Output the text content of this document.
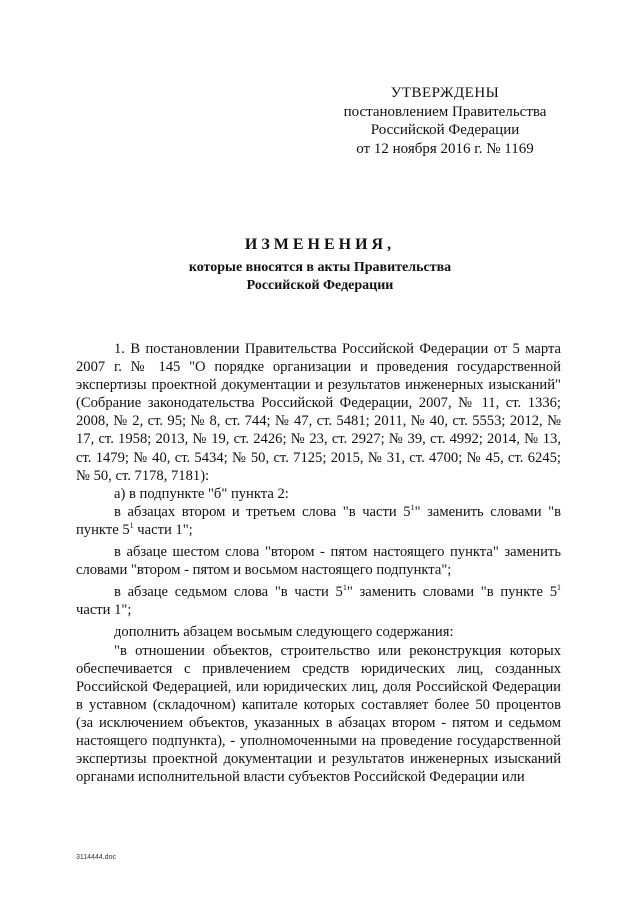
УТВЕРЖДЕНЫ
постановлением Правительства
Российской Федерации
от 12 ноября 2016 г. № 1169
ИЗМЕНЕНИЯ,
которые вносятся в акты Правительства
Российской Федерации

1. В постановлении Правительства Российской Федерации от 5 марта 2007 г. № 145 "О порядке организации и проведения государственной экспертизы проектной документации и результатов инженерных изысканий" (Собрание законодательства Российской Федерации, 2007, № 11, ст. 1336; 2008, № 2, ст. 95; № 8, ст. 744; № 47, ст. 5481; 2011, № 40, ст. 5553; 2012, № 17, ст. 1958; 2013, № 19, ст. 2426; № 23, ст. 2927; № 39, ст. 4992; 2014, № 13, ст. 1479; № 40, ст. 5434; № 50, ст. 7125; 2015, № 31, ст. 4700; № 45, ст. 6245; № 50, ст. 7178, 7181):

а) в подпункте "б" пункта 2:

в абзацах втором и третьем слова "в части $5^1$" заменить словами "в пункте $5^1$ части 1";

в абзаце шестом слова "втором - пятом настоящего пункта" заменить словами "втором - пятом и восьмом настоящего подпункта";

в абзаце седьмом слова "в части $5^1$" заменить словами "в пункте $5^1$ части 1";

дополнить абзацем восьмым следующего содержания:

"в отношении объектов, строительство или реконструкция которых обеспечивается с привлечением средств юридических лиц, созданных Российской Федерацией, или юридических лиц, доля Российской Федерации в уставном (складочном) капитале которых составляет более 50 процентов (за исключением объектов, указанных в абзацах втором - пятом и седьмом настоящего подпункта), - уполномоченными на проведение государственной экспертизы проектной документации и результатов инженерных изысканий органами исполнительной власти субъектов Российской Федерации или

3114444.doc
